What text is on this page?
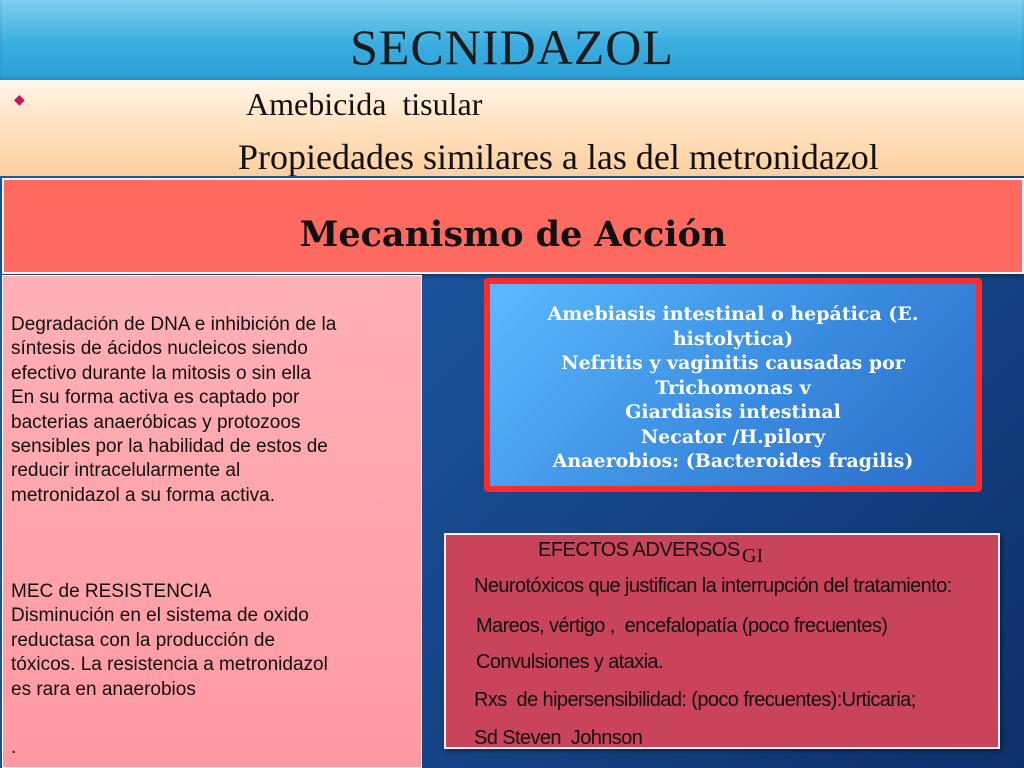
SECNIDAZOL
◆	Amebicida  tisular
Propiedades similares a las del metronidazol
Mecanismo de Acción
Degradación de DNA e inhibición de la
síntesis de ácidos nucleicos siendo
efectivo durante la mitosis o sin ella
En su forma activa es captado por
bacterias anaeróbicas y protozoos
sensibles por la habilidad de estos de
reducir intracelularmente al
metronidazol a su forma activa.
MEC de RESISTENCIA
Disminución en el sistema de oxido
reductasa con la producción de
tóxicos. La resistencia a metronidazol
es rara en anaerobios
.
Amebiasis intestinal o hepática (E.
histolytica)
Nefritis y vaginitis causadas por
Trichomonas v
Giardiasis intestinal
Necator /H.pilory
Anaerobios: (Bacteroides fragilis)
EFECTOS ADVERSOS GI
Neurotóxicos que justifican la interrupción del tratamiento:
Mareos, vértigo ,  encefalopatía (poco frecuentes)
Convulsiones y ataxia.
Rxs  de hipersensibilidad: (poco frecuentes):Urticaria;
Sd Steven  Johnson
